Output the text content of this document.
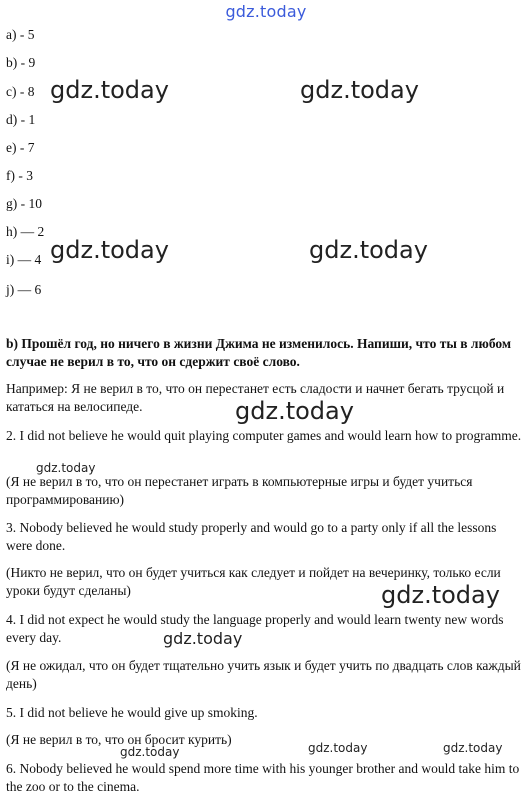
gdz.today
a) - 5
b) - 9
c) - 8
d) - 1
e) - 7
f) - 3
g) - 10
h) — 2
i) — 4
j) — 6
gdz.today	gdz.today
gdz.today	gdz.today
b) Прошёл год, но ничего в жизни Джима не изменилось. Напиши, что ты в любом случае не верил в то, что он сдержит своё слово.
Например: Я не верил в то, что он перестанет есть сладости и начнет бегать трусцой и кататься на велосипеде.	gdz.today
2. I did not believe he would quit playing computer games and would learn how to programme.
gdz.today
(Я не верил в то, что он перестанет играть в компьютерные игры и будет учиться программированию)
3. Nobody believed he would study properly and would go to a party only if all the lessons were done.
(Никто не верил, что он будет учиться как следует и пойдет на вечеринку, только если уроки будут сделаны)	gdz.today
4. I did not expect he would study the language properly and would learn twenty new words every day.	gdz.today
(Я не ожидал, что он будет тщательно учить язык и будет учить по двадцать слов каждый день)
5. I did not believe he would give up smoking.
(Я не верил в то, что он бросит курить)
gdz.today	gdz.today	gdz.today
6. Nobody believed he would spend more time with his younger brother and would take him to the zoo or to the cinema.
